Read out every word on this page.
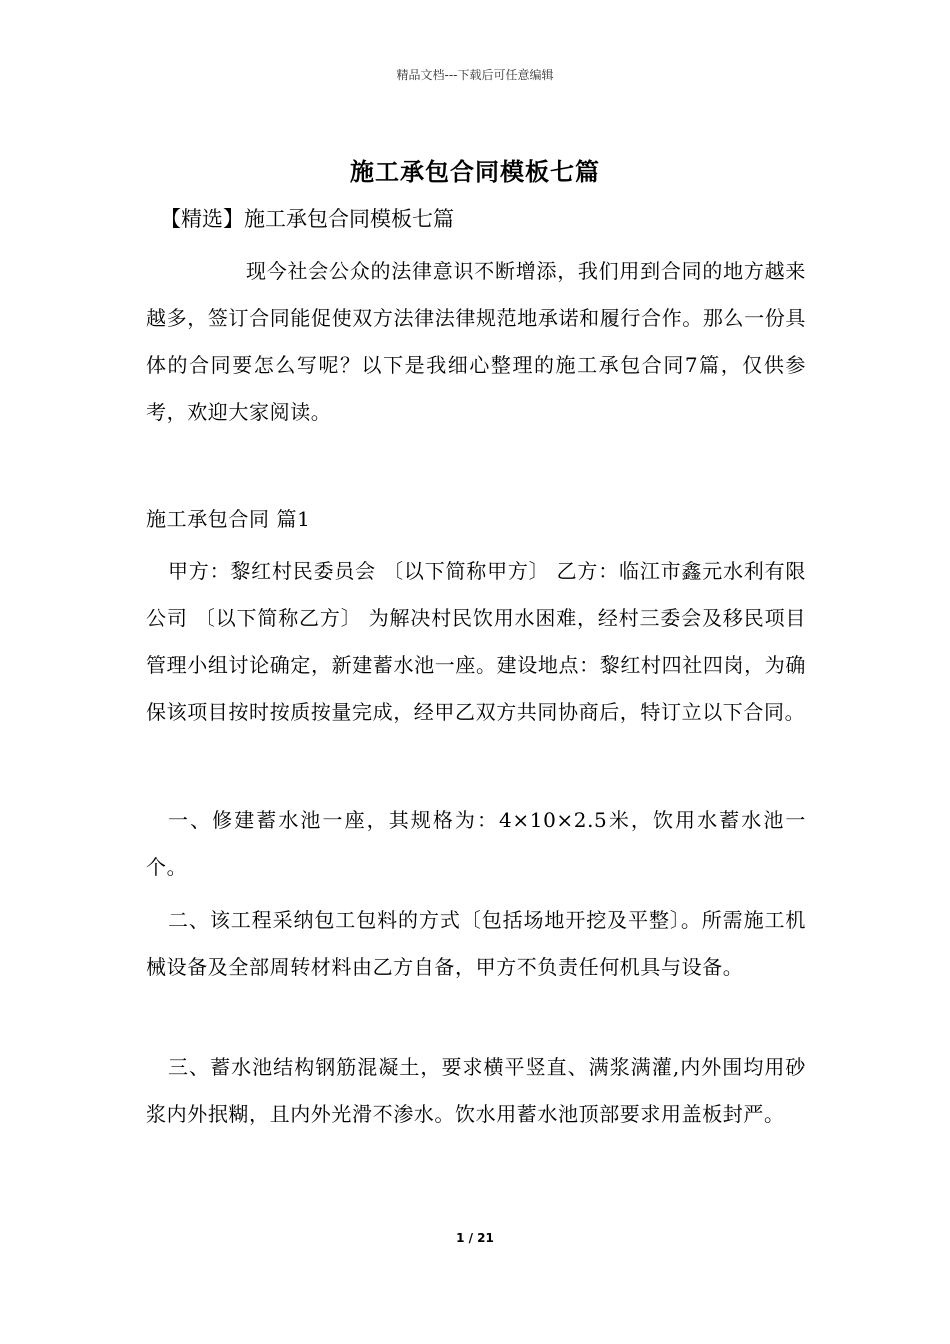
精品文档---下载后可任意编辑
施工承包合同模板七篇
【精选】施工承包合同模板七篇
现今社会公众的法律意识不断增添，我们用到合同的地方越来越多，签订合同能促使双方法律法律规范地承诺和履行合作。那么一份具体的合同要怎么写呢？以下是我细心整理的施工承包合同7篇，仅供参考，欢迎大家阅读。
施工承包合同 篇1
甲方：黎红村民委员会 〔以下简称甲方〕 乙方：临江市鑫元水利有限公司 〔以下简称乙方〕 为解决村民饮用水困难，经村三委会及移民项目管理小组讨论确定，新建蓄水池一座。建设地点：黎红村四社四岗，为确保该项目按时按质按量完成，经甲乙双方共同协商后，特订立以下合同。
一、修建蓄水池一座，其规格为：4×10×2.5米，饮用水蓄水池一个。
二、该工程采纳包工包料的方式〔包括场地开挖及平整〕。所需施工机械设备及全部周转材料由乙方自备，甲方不负责任何机具与设备。
三、蓄水池结构钢筋混凝土，要求横平竖直、满浆满灌,内外围均用砂浆内外抿糊，且内外光滑不渗水。饮水用蓄水池顶部要求用盖板封严。
1 / 21
